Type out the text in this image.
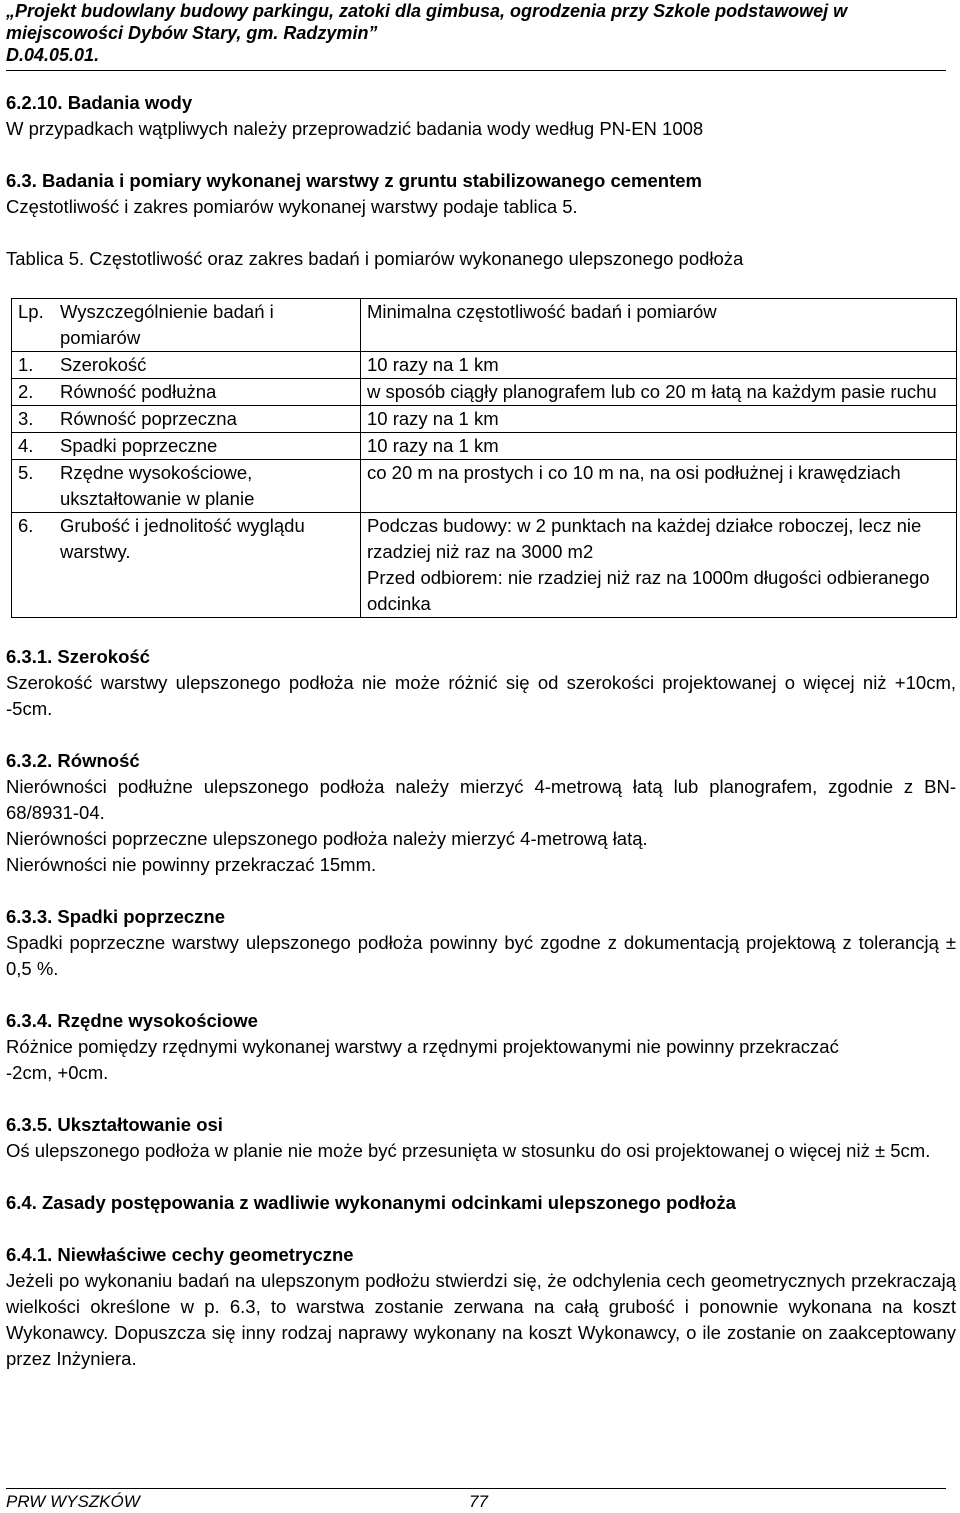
„Projekt budowlany budowy parkingu, zatoki dla gimbusa, ogrodzenia przy Szkole podstawowej w
miejscowości Dybów Stary, gm. Radzymin”
D.04.05.01.

6.2.10. Badania wody

W przypadkach wątpliwych należy przeprowadzić badania wody według PN-EN 1008

6.3. Badania i pomiary wykonanej warstwy z gruntu stabilizowanego cementem

Częstotliwość i zakres pomiarów wykonanej warstwy podaje tablica 5.

Tablica 5. Częstotliwość oraz zakres badań i pomiarów wykonanego ulepszonego podłoża

Lp.	Wyszczególnienie badań i pomiarów	Minimalna częstotliwość badań i pomiarów
1.	Szerokość	10 razy na 1 km
2.	Równość podłużna	w sposób ciągły planografem lub co 20 m łatą na każdym pasie ruchu
3.	Równość poprzeczna	10 razy na 1 km
4.	Spadki poprzeczne	10 razy na 1 km
5.	Rzędne wysokościowe, ukształtowanie w planie	co 20 m na prostych i co 10 m na, na osi podłużnej i krawędziach
6.	Grubość i jednolitość wyglądu warstwy.	Podczas budowy: w 2 punktach na każdej działce roboczej, lecz nie rzadziej niż raz na 3000 m2
Przed odbiorem: nie rzadziej niż raz na 1000m długości odbieranego odcinka

6.3.1. Szerokość

Szerokość warstwy ulepszonego podłoża nie może różnić się od szerokości projektowanej o więcej niż +10cm, -5cm.

6.3.2. Równość

Nierówności podłużne ulepszonego podłoża należy mierzyć 4-metrową łatą lub planografem, zgodnie z BN-68/8931-04.

Nierówności poprzeczne ulepszonego podłoża należy mierzyć 4-metrową łatą.

Nierówności nie powinny przekraczać 15mm.

6.3.3. Spadki poprzeczne

Spadki poprzeczne warstwy ulepszonego podłoża powinny być zgodne z dokumentacją projektową z tolerancją ± 0,5 %.

6.3.4. Rzędne wysokościowe

Różnice pomiędzy rzędnymi wykonanej warstwy a rzędnymi projektowanymi nie powinny przekraczać

-2cm, +0cm.

6.3.5. Ukształtowanie osi

Oś ulepszonego podłoża w planie nie może być przesunięta w stosunku do osi projektowanej o więcej niż ± 5cm.

6.4. Zasady postępowania z wadliwie wykonanymi odcinkami ulepszonego podłoża

6.4.1. Niewłaściwe cechy geometryczne

Jeżeli po wykonaniu badań na ulepszonym podłożu stwierdzi się, że odchylenia cech geometrycznych przekraczają wielkości określone w p. 6.3, to warstwa zostanie zerwana na całą grubość i ponownie wykonana na koszt Wykonawcy. Dopuszcza się inny rodzaj naprawy wykonany na koszt Wykonawcy, o ile zostanie on zaakceptowany przez Inżyniera.

PRW WYSZKÓW	77
